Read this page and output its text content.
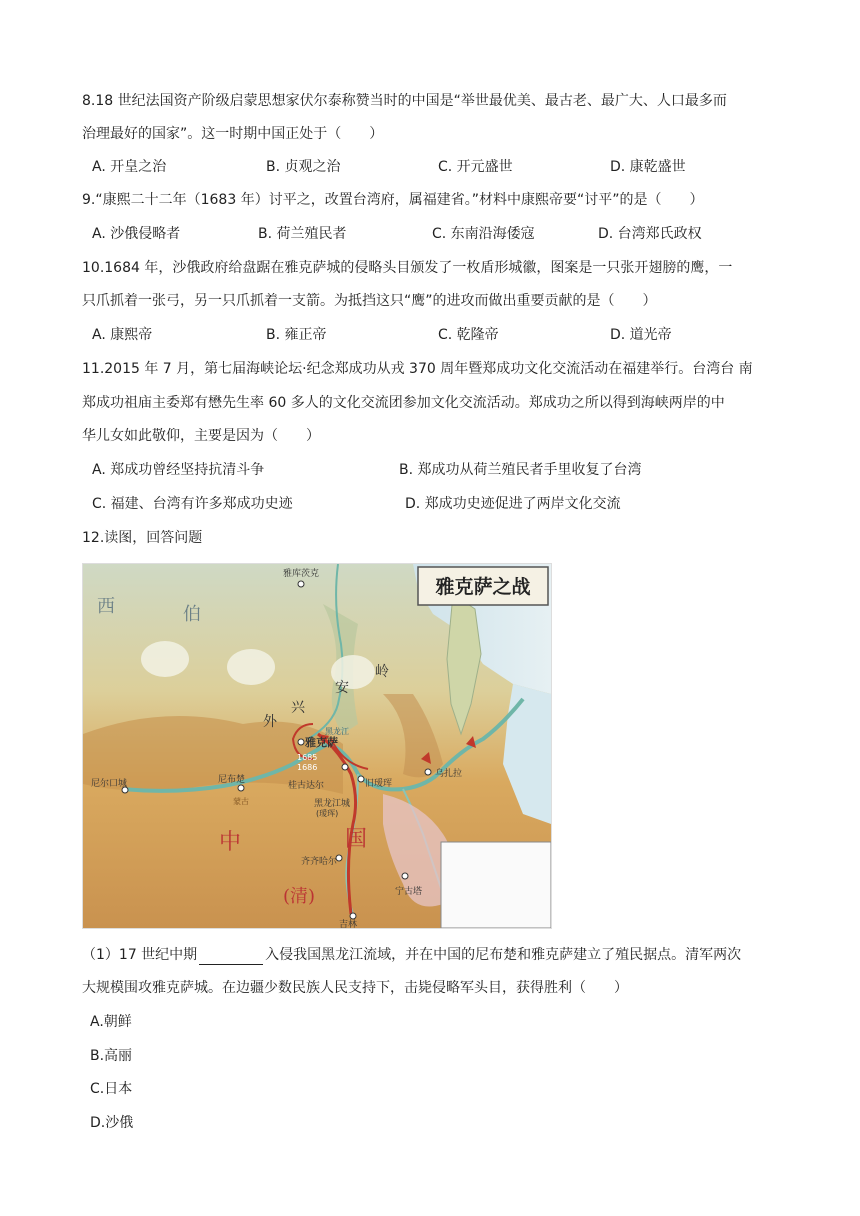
8.18 世纪法国资产阶级启蒙思想家伏尔泰称赞当时的中国是“举世最优美、最古老、最广大、人口最多而
治理最好的国家”。这一时期中国正处于（　　）
A. 开皇之治	B. 贞观之治	C. 开元盛世	D. 康乾盛世
9.“康熙二十二年（1683 年）讨平之，改置台湾府，属福建省。”材料中康熙帝要“讨平”的是（　　）
A. 沙俄侵略者	B. 荷兰殖民者	C. 东南沿海倭寇	D. 台湾郑氏政权
10.1684 年，沙俄政府给盘踞在雅克萨城的侵略头目颁发了一枚盾形城徽，图案是一只张开翅膀的鹰，一
只爪抓着一张弓，另一只爪抓着一支箭。为抵挡这只“鹰”的进攻而做出重要贡献的是（　　）
A. 康熙帝	B. 雍正帝	C. 乾隆帝	D. 道光帝
11.2015 年 7 月，第七届海峡论坛·纪念郑成功从戎 370 周年暨郑成功文化交流活动在福建举行。台湾台 南
郑成功祖庙主委郑有懋先生率 60 多人的文化交流团参加文化交流活动。郑成功之所以得到海峡两岸的中
华儿女如此敬仰，主要是因为（　　）
A. 郑成功曾经坚持抗清斗争	B. 郑成功从荷兰殖民者手里收复了台湾
C. 福建、台湾有许多郑成功史迹	D. 郑成功史迹促进了两岸文化交流
12.读图，回答问题
雅克萨之战
雅库茨克
尼尔口城	尼布楚
雅克萨
1685
1686
桂古达尔
黑龙江城
(瑷珲)
旧瑷珲
乌扎拉
齐齐哈尔
宁古塔
吉林
蒙古
黑龙江
中	国
(清)
西	伯
兴
安
岭
外
（1）17 世纪中期	入侵我国黑龙江流域，并在中国的尼布楚和雅克萨建立了殖民据点。清军两次
大规模围攻雅克萨城。在边疆少数民族人民支持下，击毙侵略军头目，获得胜利（　　）
A.朝鲜
B.高丽
C.日本
D.沙俄
